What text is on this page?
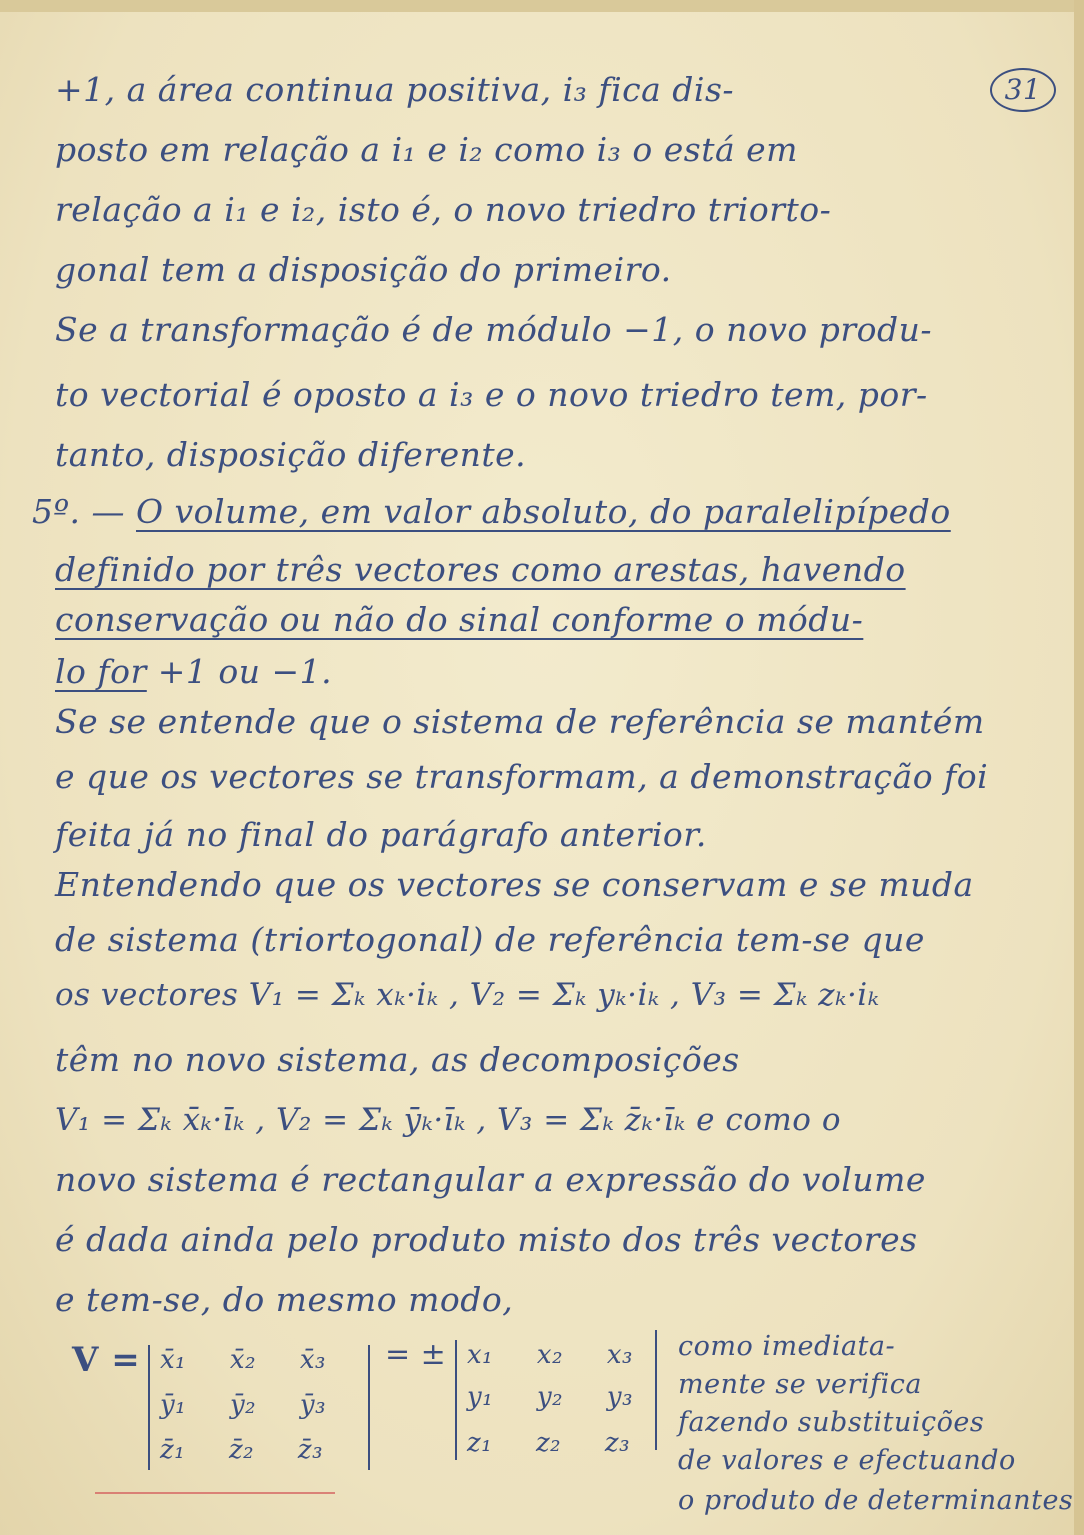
31
+1, a área continua positiva, i₃ fica dis-
posto em relação a i₁ e i₂ como i₃ o está em
relação a i₁ e i₂, isto é, o novo triedro triorto-
gonal tem a disposição do primeiro.
Se a transformação é de módulo −1, o novo produ-
to vectorial é oposto a i₃ e o novo triedro tem, por-
tanto, disposição diferente.
5º. — O volume, em valor absoluto, do paralelipípedo
definido por três vectores como arestas, havendo
conservação ou não do sinal conforme o módu-
lo for +1 ou −1.
Se se entende que o sistema de referência se mantém
e que os vectores se transformam, a demonstração foi
feita já no final do parágrafo anterior.
Entendendo que os vectores se conservam e se muda
de sistema (triortogonal) de referência tem-se que
os vectores V₁ = Σₖ xₖ·iₖ , V₂ = Σₖ yₖ·iₖ , V₃ = Σₖ zₖ·iₖ
têm no novo sistema, as decomposições
V₁ = Σₖ x̄ₖ·īₖ , V₂ = Σₖ ȳₖ·īₖ , V₃ = Σₖ z̄ₖ·īₖ e como o
novo sistema é rectangular a expressão do volume
é dada ainda pelo produto misto dos três vectores
e tem-se, do mesmo modo,
V = x̄₁ x̄₂ x̄₃
ȳ₁ ȳ₂ ȳ₃
z̄₁ z̄₂ z̄₃
= ± x₁ x₂ x₃
y₁ y₂ y₃
z₁ z₂ z₃
como imediata-
mente se verifica
fazendo substituições
de valores e efectuando
o produto de determinantes
